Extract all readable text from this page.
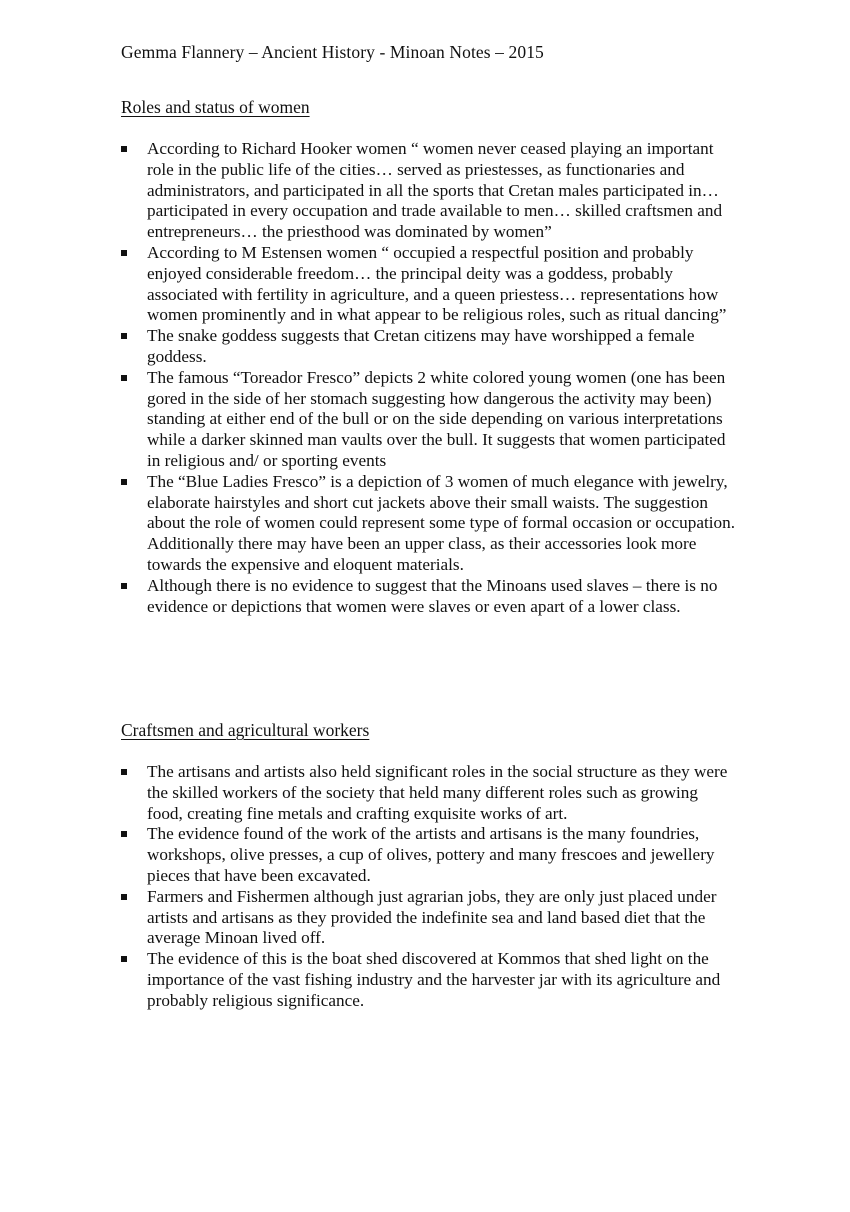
Gemma Flannery – Ancient History - Minoan Notes – 2015
Roles and status of women
According to Richard Hooker women “ women never ceased playing an important role in the public life of the cities… served as priestesses, as functionaries and administrators, and participated in all the sports that Cretan males participated in… participated in every occupation and trade available to men… skilled craftsmen and entrepreneurs… the priesthood was dominated by women”
According to M Estensen women “ occupied a respectful position and probably enjoyed considerable freedom… the principal deity was a goddess, probably associated with fertility in agriculture, and a queen priestess… representations how women prominently and in what appear to be religious roles, such as ritual dancing”
The snake goddess suggests that Cretan citizens may have worshipped a female goddess.
The famous “Toreador Fresco” depicts 2 white colored young women (one has been gored in the side of her stomach suggesting how dangerous the activity may been) standing at either end of the bull or on the side depending on various interpretations while a darker skinned man vaults over the bull. It suggests that women participated in religious and/ or sporting events
The “Blue Ladies Fresco” is a depiction of 3 women of much elegance with jewelry, elaborate hairstyles and short cut jackets above their small waists. The suggestion about the role of women could represent some type of formal occasion or occupation. Additionally there may have been an upper class, as their accessories look more towards the expensive and eloquent materials.
Although there is no evidence to suggest that the Minoans used slaves – there is no evidence or depictions that women were slaves or even apart of a lower class.
Craftsmen and agricultural workers
The artisans and artists also held significant roles in the social structure as they were the skilled workers of the society that held many different roles such as growing food, creating fine metals and crafting exquisite works of art.
The evidence found of the work of the artists and artisans is the many foundries, workshops, olive presses, a cup of olives, pottery and many frescoes and jewellery pieces that have been excavated.
Farmers and Fishermen although just agrarian jobs, they are only just placed under artists and artisans as they provided the indefinite sea and land based diet that the average Minoan lived off.
The evidence of this is the boat shed discovered at Kommos that shed light on the importance of the vast fishing industry and the harvester jar with its agriculture and probably religious significance.
